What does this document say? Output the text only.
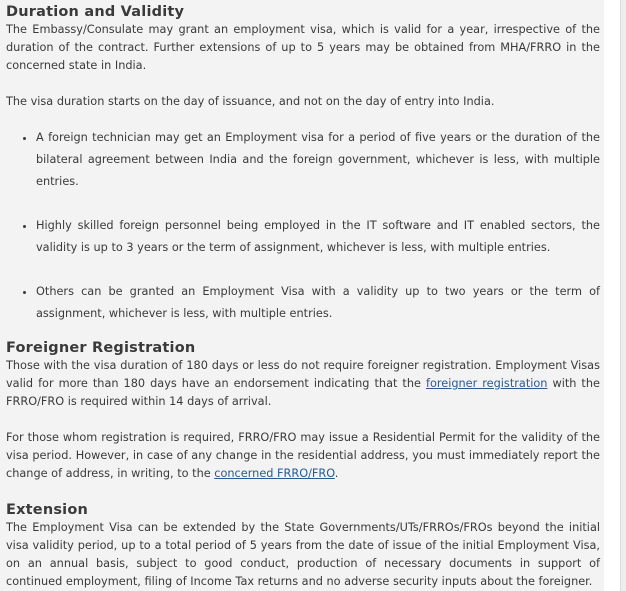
Duration and Validity

The Embassy/Consulate may grant an employment visa, which is valid for a year, irrespective of the duration of the contract. Further extensions of up to 5 years may be obtained from MHA/FRRO in the concerned state in India.

The visa duration starts on the day of issuance, and not on the day of entry into India.

• A foreign technician may get an Employment visa for a period of five years or the duration of the bilateral agreement between India and the foreign government, whichever is less, with multiple entries.
• Highly skilled foreign personnel being employed in the IT software and IT enabled sectors, the validity is up to 3 years or the term of assignment, whichever is less, with multiple entries.
• Others can be granted an Employment Visa with a validity up to two years or the term of assignment, whichever is less, with multiple entries.
Foreigner Registration

Those with the visa duration of 180 days or less do not require foreigner registration. Employment Visas valid for more than 180 days have an endorsement indicating that the foreigner registration with the FRRO/FRO is required within 14 days of arrival.

For those whom registration is required, FRRO/FRO may issue a Residential Permit for the validity of the visa period. However, in case of any change in the residential address, you must immediately report the change of address, in writing, to the concerned FRRO/FRO.

Extension

The Employment Visa can be extended by the State Governments/UTs/FRROs/FROs beyond the initial visa validity period, up to a total period of 5 years from the date of issue of the initial Employment Visa, on an annual basis, subject to good conduct, production of necessary documents in support of continued employment, filing of Income Tax returns and no adverse security inputs about the foreigner.
